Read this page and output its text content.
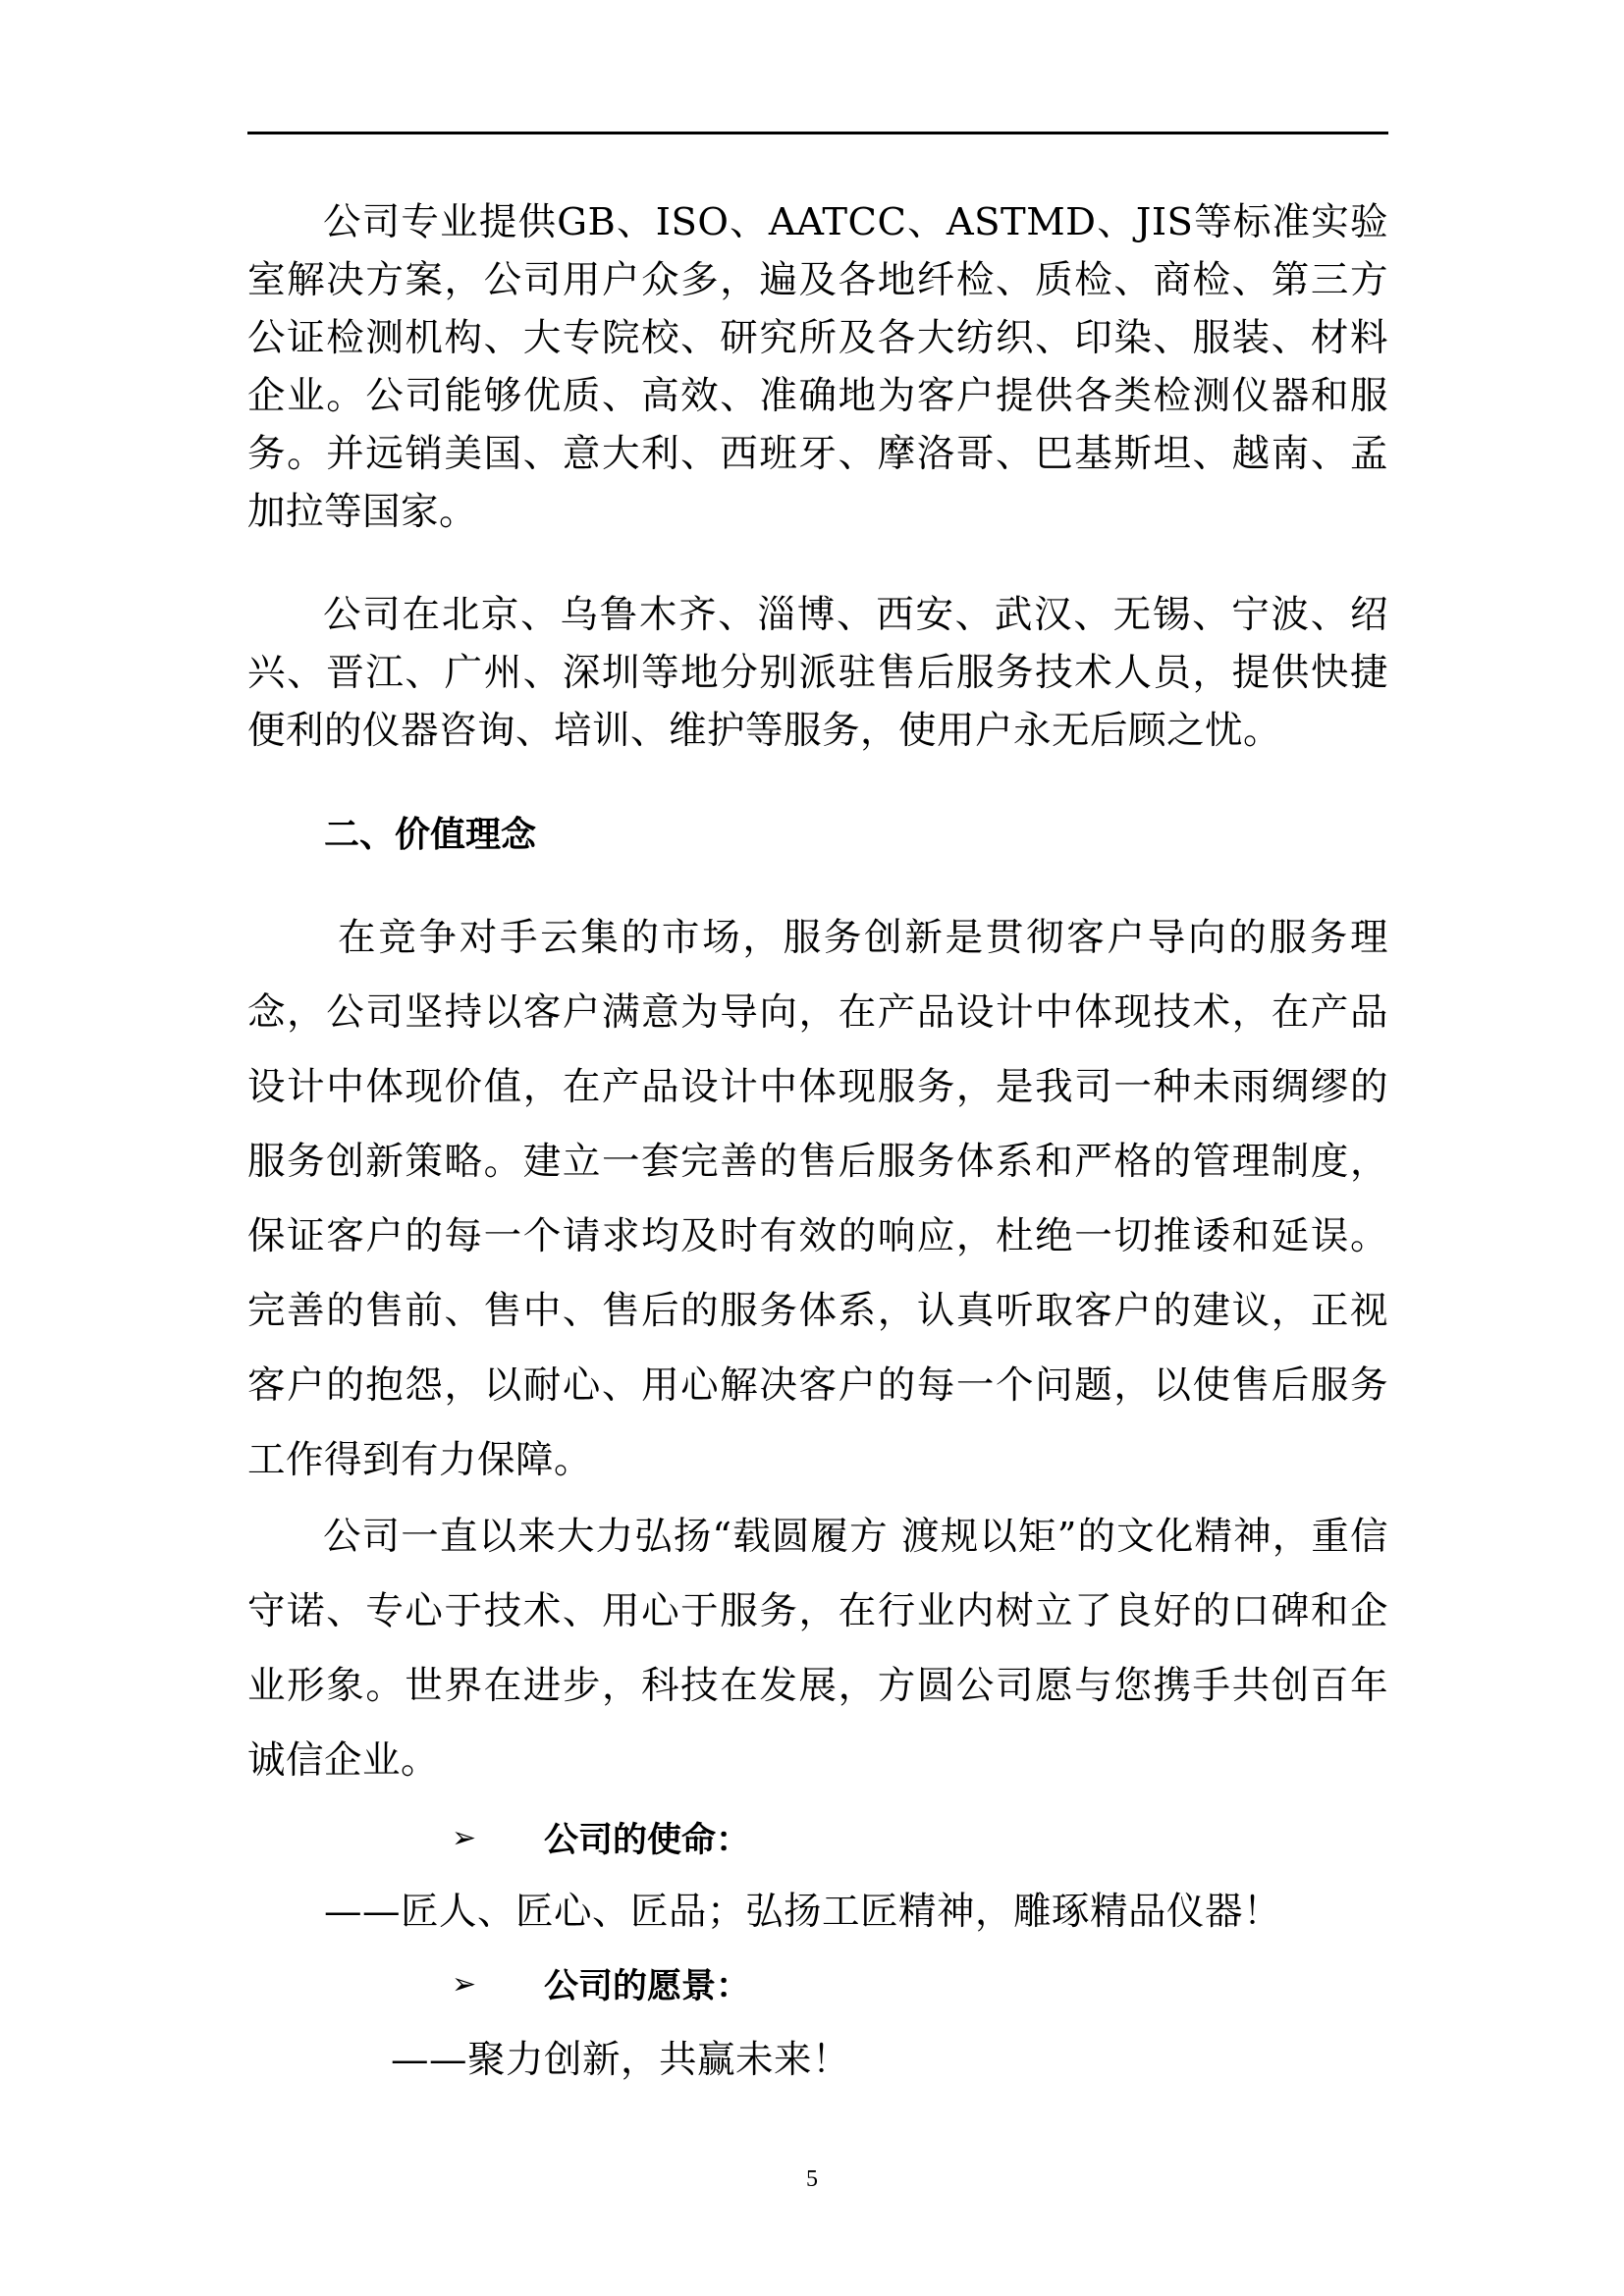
公司专业提供GB、ISO、AATCC、ASTMD、JIS等标准实验室解决方案，公司用户众多，遍及各地纤检、质检、商检、第三方公证检测机构、大专院校、研究所及各大纺织、印染、服装、材料企业。公司能够优质、高效、准确地为客户提供各类检测仪器和服务。并远销美国、意大利、西班牙、摩洛哥、巴基斯坦、越南、孟加拉等国家。

公司在北京、乌鲁木齐、淄博、西安、武汉、无锡、宁波、绍兴、晋江、广州、深圳等地分别派驻售后服务技术人员，提供快捷便利的仪器咨询、培训、维护等服务，使用户永无后顾之忧。

二、价值理念

在竞争对手云集的市场，服务创新是贯彻客户导向的服务理念，公司坚持以客户满意为导向，在产品设计中体现技术，在产品设计中体现价值，在产品设计中体现服务，是我司一种未雨绸缪的服务创新策略。建立一套完善的售后服务体系和严格的管理制度，保证客户的每一个请求均及时有效的响应，杜绝一切推诿和延误。完善的售前、售中、售后的服务体系，认真听取客户的建议，正视客户的抱怨，以耐心、用心解决客户的每一个问题，以使售后服务工作得到有力保障。

公司一直以来大力弘扬“载圆履方 渡规以矩”的文化精神，重信守诺、专心于技术、用心于服务，在行业内树立了良好的口碑和企业形象。世界在进步，科技在发展，方圆公司愿与您携手共创百年诚信企业。

➢	公司的使命：

——匠人、匠心、匠品；弘扬工匠精神，雕琢精品仪器！

➢	公司的愿景：

——聚力创新，共赢未来！

5
